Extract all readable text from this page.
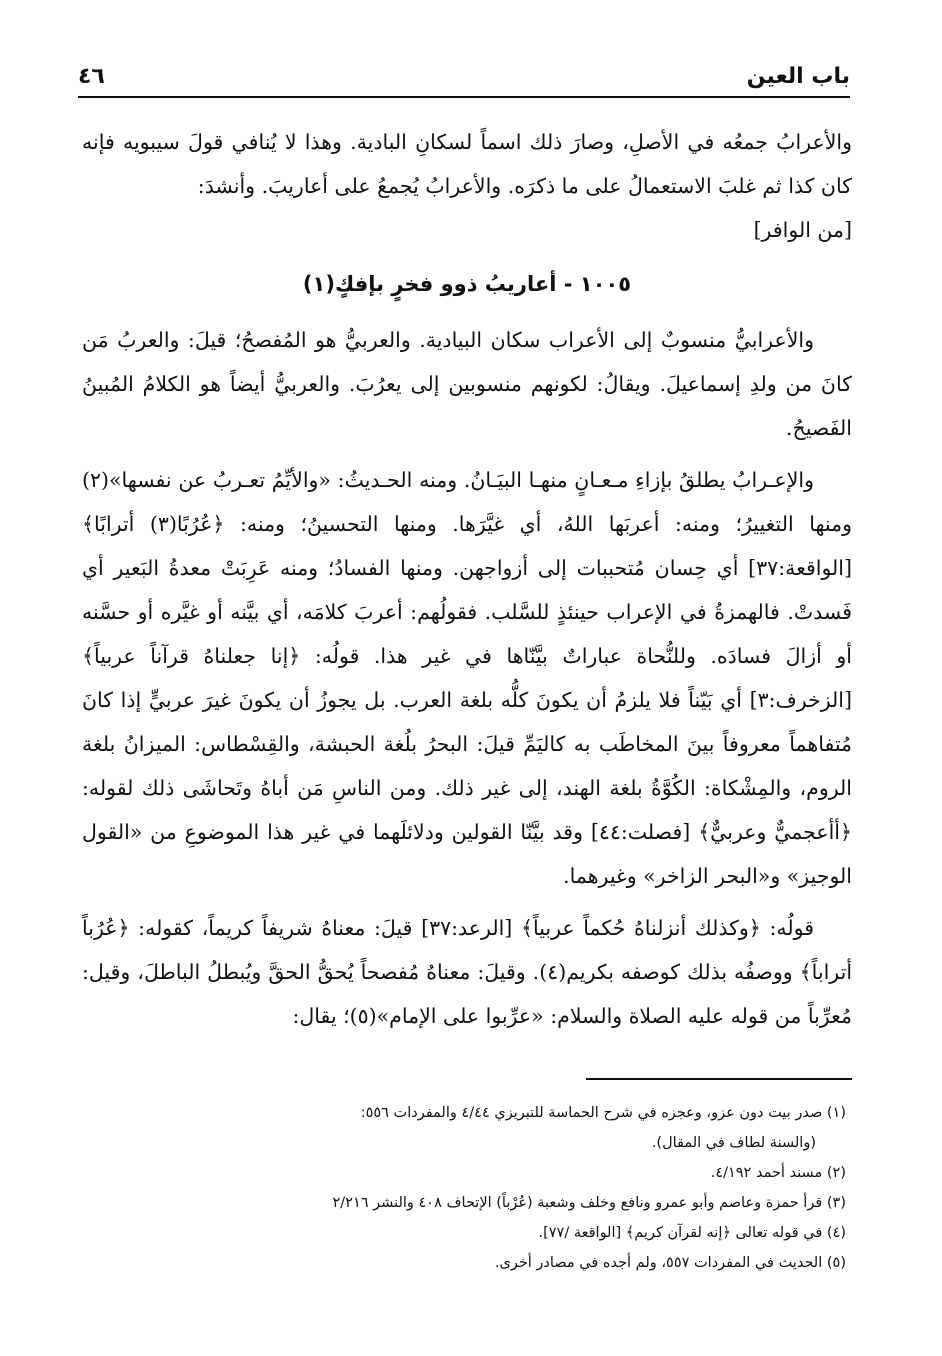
باب العين
٤٦

والأعرابُ جمعُه في الأصلِ، وصارَ ذلك اسماً لسكانِ البادية. وهذا لا يُنافي قولَ سيبويه فإنه كان كذا ثم غلبَ الاستعمالُ على ما ذكرَه. والأعرابُ يُجمعُ على أعاريبَ. وأنشدَ:

[من الوافر]

١٠٠٥ - أعاريبُ ذوو فخرٍ بإفكٍ(١)

والأعرابيُّ منسوبٌ إلى الأعراب سكان البيادية. والعربيُّ هو المُفصحُ؛ قيلَ: والعربُ مَن كانَ من ولدِ إسماعيلَ. ويقالُ: لكونهم منسوبين إلى يعرُبَ. والعربيُّ أيضاً هو الكلامُ المُبينُ الفَصيحُ.

والإعـرابُ يطلقُ بإزاءِ مـعـانٍ منهـا البيَـانُ. ومنه الحـديثُ: «والأيِّمُ تعـربُ عن نفسها»(٢) ومنها التغييرُ؛ ومنه: أعربَها اللهُ، أي غيَّرَها. ومنها التحسينُ؛ ومنه: ﴿عُرُبًا(٣) أترابًا﴾ [الواقعة:٣٧] أي حِسان مُتحببات إلى أزواجهن. ومنها الفسادُ؛ ومنه عَرِبَتْ معدةُ البَعير أي فَسدتْ. فالهمزةُ في الإعراب حينئذٍ للسَّلب. فقولُهم: أعربَ كلامَه، أي بيَّنه أو غيَّره أو حسَّنه أو أزالَ فسادَه. وللنُّحاة عباراتٌ بيَّنّاها في غير هذا. قولُه: ﴿إنا جعلناهُ قرآناً عربياً﴾ [الزخرف:٣] أي بَيّناً فلا يلزمُ أن يكونَ كلُّه بلغة العرب. بل يجوزُ أن يكونَ غيرَ عربيٍّ إذا كانَ مُتفاهماً معروفاً بينَ المخاطَب به كاليَمِّ قيلَ: البحرُ بلُغة الحبشة، والقِسْطاس: الميزانُ بلغة الروم، والمِشْكاة: الكُوَّةُ بلغة الهند، إلى غير ذلك. ومن الناسِ مَن أباهُ وتَحاشَى ذلك لقوله: ﴿أأعجميٌّ وعربيٌّ﴾ [فصلت:٤٤] وقد بيَّنّا القولين ودلائلَهما في غير هذا الموضوعِ من «القول الوجيز» و«البحر الزاخر» وغيرهما.

قولُه: ﴿وكذلك أنزلناهُ حُكماً عربياً﴾ [الرعد:٣٧] قيلَ: معناهُ شريفاً كريماً، كقوله: ﴿عُرُباً أتراباً﴾ ووصفُه بذلك كوصفه بكريم(٤). وقيلَ: معناهُ مُفصحاً يُحقُّ الحقَّ ويُبطلُ الباطلَ، وقيل: مُعرِّباً من قوله عليه الصلاة والسلام: «عرِّبوا على الإمام»(٥)؛ يقال:

(١) صدر بيت دون عزو، وعجزه في شرح الحماسة للتبريزي ٤/٤٤ والمفردات ٥٥٦:

(والسنة لطاف في المقال).

(٢) مسند أحمد ٤/١٩٢.

(٣) قرأ حمزة وعاصم وأبو عمرو ونافع وخلف وشعبة (عُرْباً) الإتحاف ٤٠٨ والنشر ٢/٢١٦

(٤) في قوله تعالى ﴿إنه لقرآن كريم﴾ [الواقعة /٧٧].

(٥) الحديث في المفردات ٥٥٧، ولم أجده في مصادر أخرى.
